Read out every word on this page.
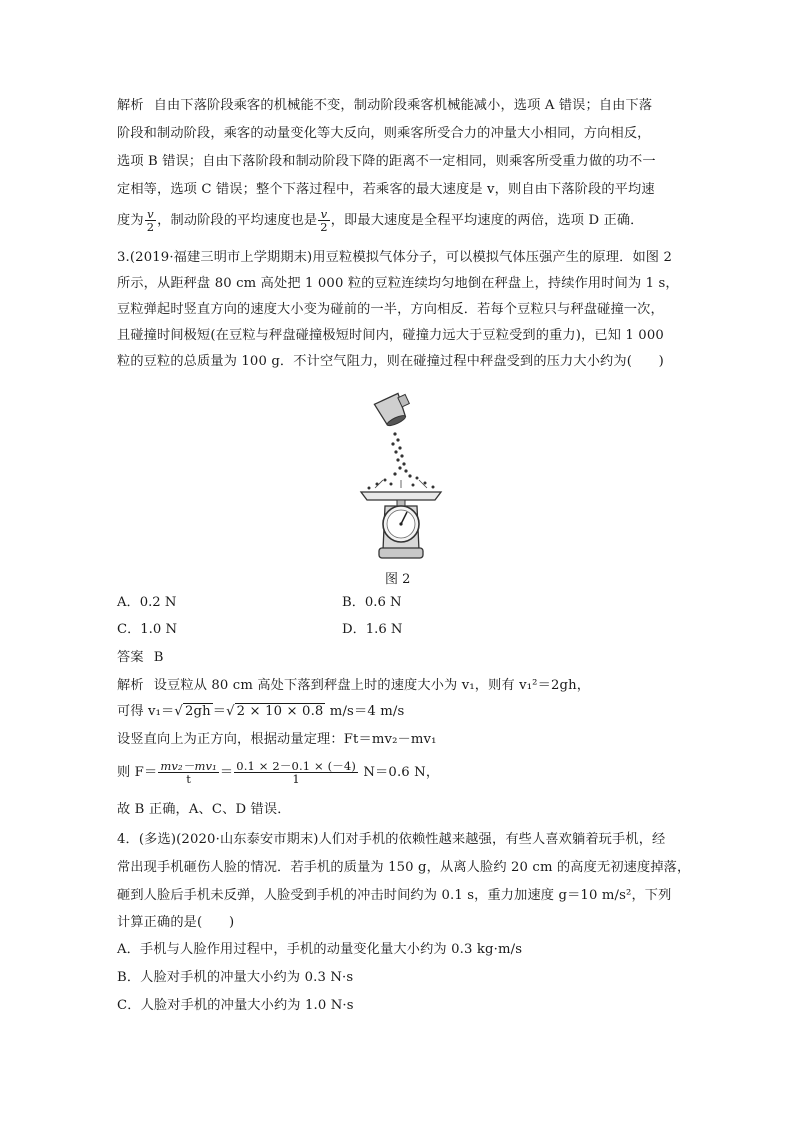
解析 自由下落阶段乘客的机械能不变，制动阶段乘客机械能减小，选项 A 错误；自由下落
阶段和制动阶段，乘客的动量变化等大反向，则乘客所受合力的冲量大小相同，方向相反，
选项 B 错误；自由下落阶段和制动阶段下降的距离不一定相同，则乘客所受重力做的功不一
定相等，选项 C 错误；整个下落过程中，若乘客的最大速度是 v，则自由下落阶段的平均速
度为 $\frac{v}{2}$ ，制动阶段的平均速度也是 $\frac{v}{2}$ ，即最大速度是全程平均速度的两倍，选项 D 正确．
3.(2019·福建三明市上学期期末)用豆粒模拟气体分子，可以模拟气体压强产生的原理．如图 2
所示，从距秤盘 80 cm 高处把 1 000 粒的豆粒连续均匀地倒在秤盘上，持续作用时间为 1 s，
豆粒弹起时竖直方向的速度大小变为碰前的一半，方向相反．若每个豆粒只与秤盘碰撞一次，
且碰撞时间极短(在豆粒与秤盘碰撞极短时间内，碰撞力远大于豆粒受到的重力)，已知 1 000
粒的豆粒的总质量为 100 g．不计空气阻力，则在碰撞过程中秤盘受到的压力大小约为(　　)
图 2
A．0.2 N	B．0.6 N
C．1.0 N	D．1.6 N
答案 B
解析 设豆粒从 80 cm 高处下落到秤盘上时的速度大小为 v₁，则有 v₁²＝2gh，
可得 v₁＝√ 2gh ＝√ 2 × 10 × 0.8 m/s＝4 m/s
设竖直向上为正方向，根据动量定理：Ft＝mv₂－mv₁
则 $F= \frac{\text{mv₂－mv₁}}{t} = \frac{0.1 \times 2-0.1 \times (-4)}{1} N=0.6$ N，
故 B 正确，A、C、D 错误．
4．(多选)(2020·山东泰安市期末)人们对手机的依赖性越来越强，有些人喜欢躺着玩手机，经
常出现手机砸伤人脸的情况．若手机的质量为 150 g，从离人脸约 20 cm 的高度无初速度掉落，
砸到人脸后手机未反弹，人脸受到手机的冲击时间约为 0.1 s，重力加速度 g＝10 m/s²，下列
计算正确的是(　　)
A．手机与人脸作用过程中，手机的动量变化量大小约为 0.3 kg·m/s
B．人脸对手机的冲量大小约为 0.3 N·s
C．人脸对手机的冲量大小约为 1.0 N·s
